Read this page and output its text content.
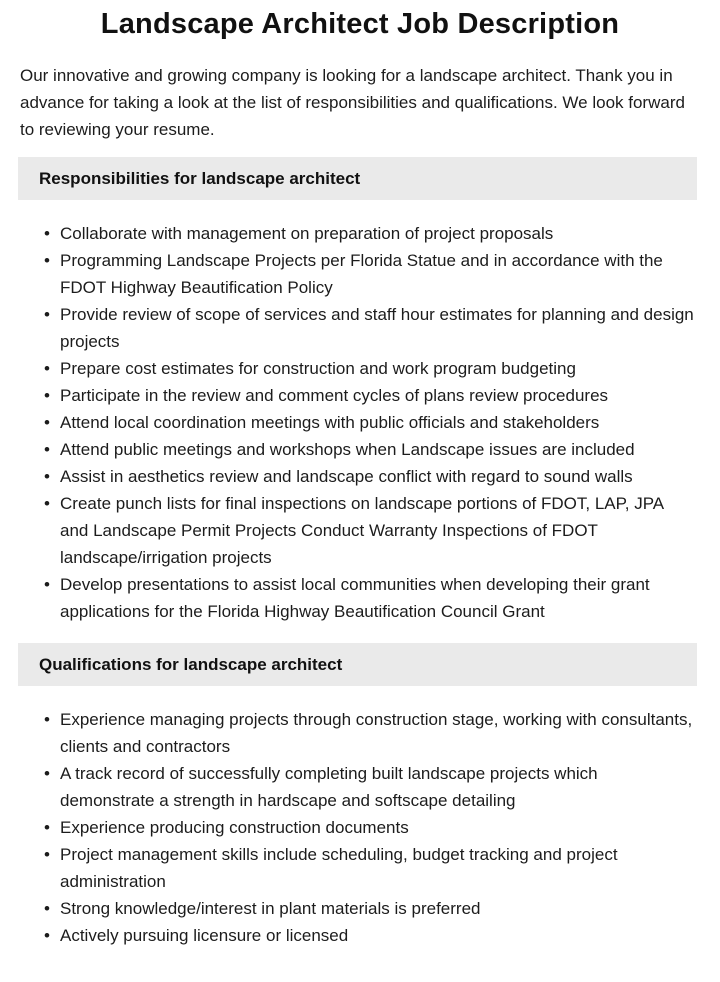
Landscape Architect Job Description

Our innovative and growing company is looking for a landscape architect. Thank you in advance for taking a look at the list of responsibilities and qualifications. We look forward to reviewing your resume.

Responsibilities for landscape architect
• Collaborate with management on preparation of project proposals
• Programming Landscape Projects per Florida Statue and in accordance with the FDOT Highway Beautification Policy
• Provide review of scope of services and staff hour estimates for planning and design projects
• Prepare cost estimates for construction and work program budgeting
• Participate in the review and comment cycles of plans review procedures
• Attend local coordination meetings with public officials and stakeholders
• Attend public meetings and workshops when Landscape issues are included
• Assist in aesthetics review and landscape conflict with regard to sound walls
• Create punch lists for final inspections on landscape portions of FDOT, LAP, JPA and Landscape Permit Projects Conduct Warranty Inspections of FDOT landscape/irrigation projects
• Develop presentations to assist local communities when developing their grant applications for the Florida Highway Beautification Council Grant
Qualifications for landscape architect
• Experience managing projects through construction stage, working with consultants, clients and contractors
• A track record of successfully completing built landscape projects which demonstrate a strength in hardscape and softscape detailing
• Experience producing construction documents
• Project management skills include scheduling, budget tracking and project administration
• Strong knowledge/interest in plant materials is preferred
• Actively pursuing licensure or licensed
